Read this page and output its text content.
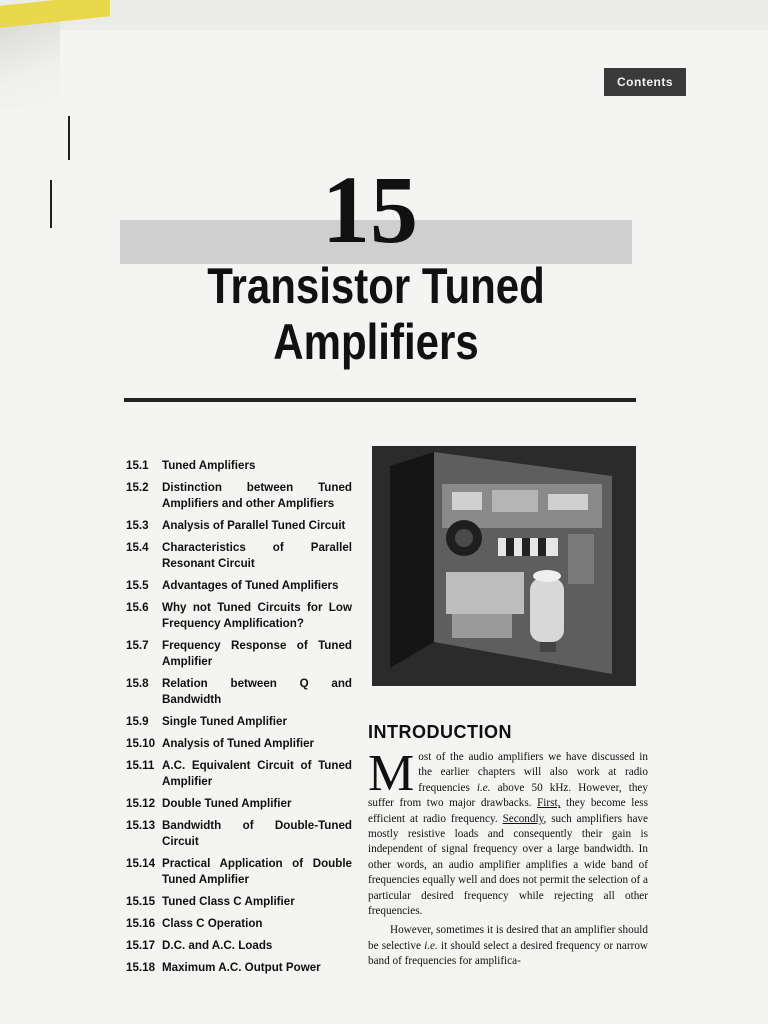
Contents
15
Transistor Tuned
Amplifiers
15.1	Tuned Amplifiers
15.2	Distinction between Tuned Amplifiers and other Amplifiers
15.3	Analysis of Parallel Tuned Circuit
15.4	Characteristics of Parallel Resonant Circuit
15.5	Advantages of Tuned Amplifiers
15.6	Why not Tuned Circuits for Low Frequency Amplification?
15.7	Frequency Response of Tuned Amplifier
15.8	Relation between Q and Bandwidth
15.9	Single Tuned Amplifier
15.10 Analysis of Tuned Amplifier
15.11 A.C. Equivalent Circuit of Tuned Amplifier
15.12 Double Tuned Amplifier
15.13 Bandwidth of Double-Tuned Circuit
15.14 Practical Application of Double Tuned Amplifier
15.15 Tuned Class C Amplifier
15.16 Class C Operation
15.17 D.C. and A.C. Loads
15.18 Maximum A.C. Output Power
INTRODUCTION

Most of the audio amplifiers we have discussed in the earlier chapters will also work at radio frequencies i.e. above 50 kHz. However, they suffer from two major drawbacks. First, they become less efficient at radio frequency. Secondly, such amplifiers have mostly resistive loads and consequently their gain is independent of signal frequency over a large bandwidth. In other words, an audio amplifier amplifies a wide band of frequencies equally well and does not permit the selection of a particular desired frequency while rejecting all other frequencies.

However, sometimes it is desired that an amplifier should be selective i.e. it should select a desired frequency or narrow band of frequencies for amplifica-
